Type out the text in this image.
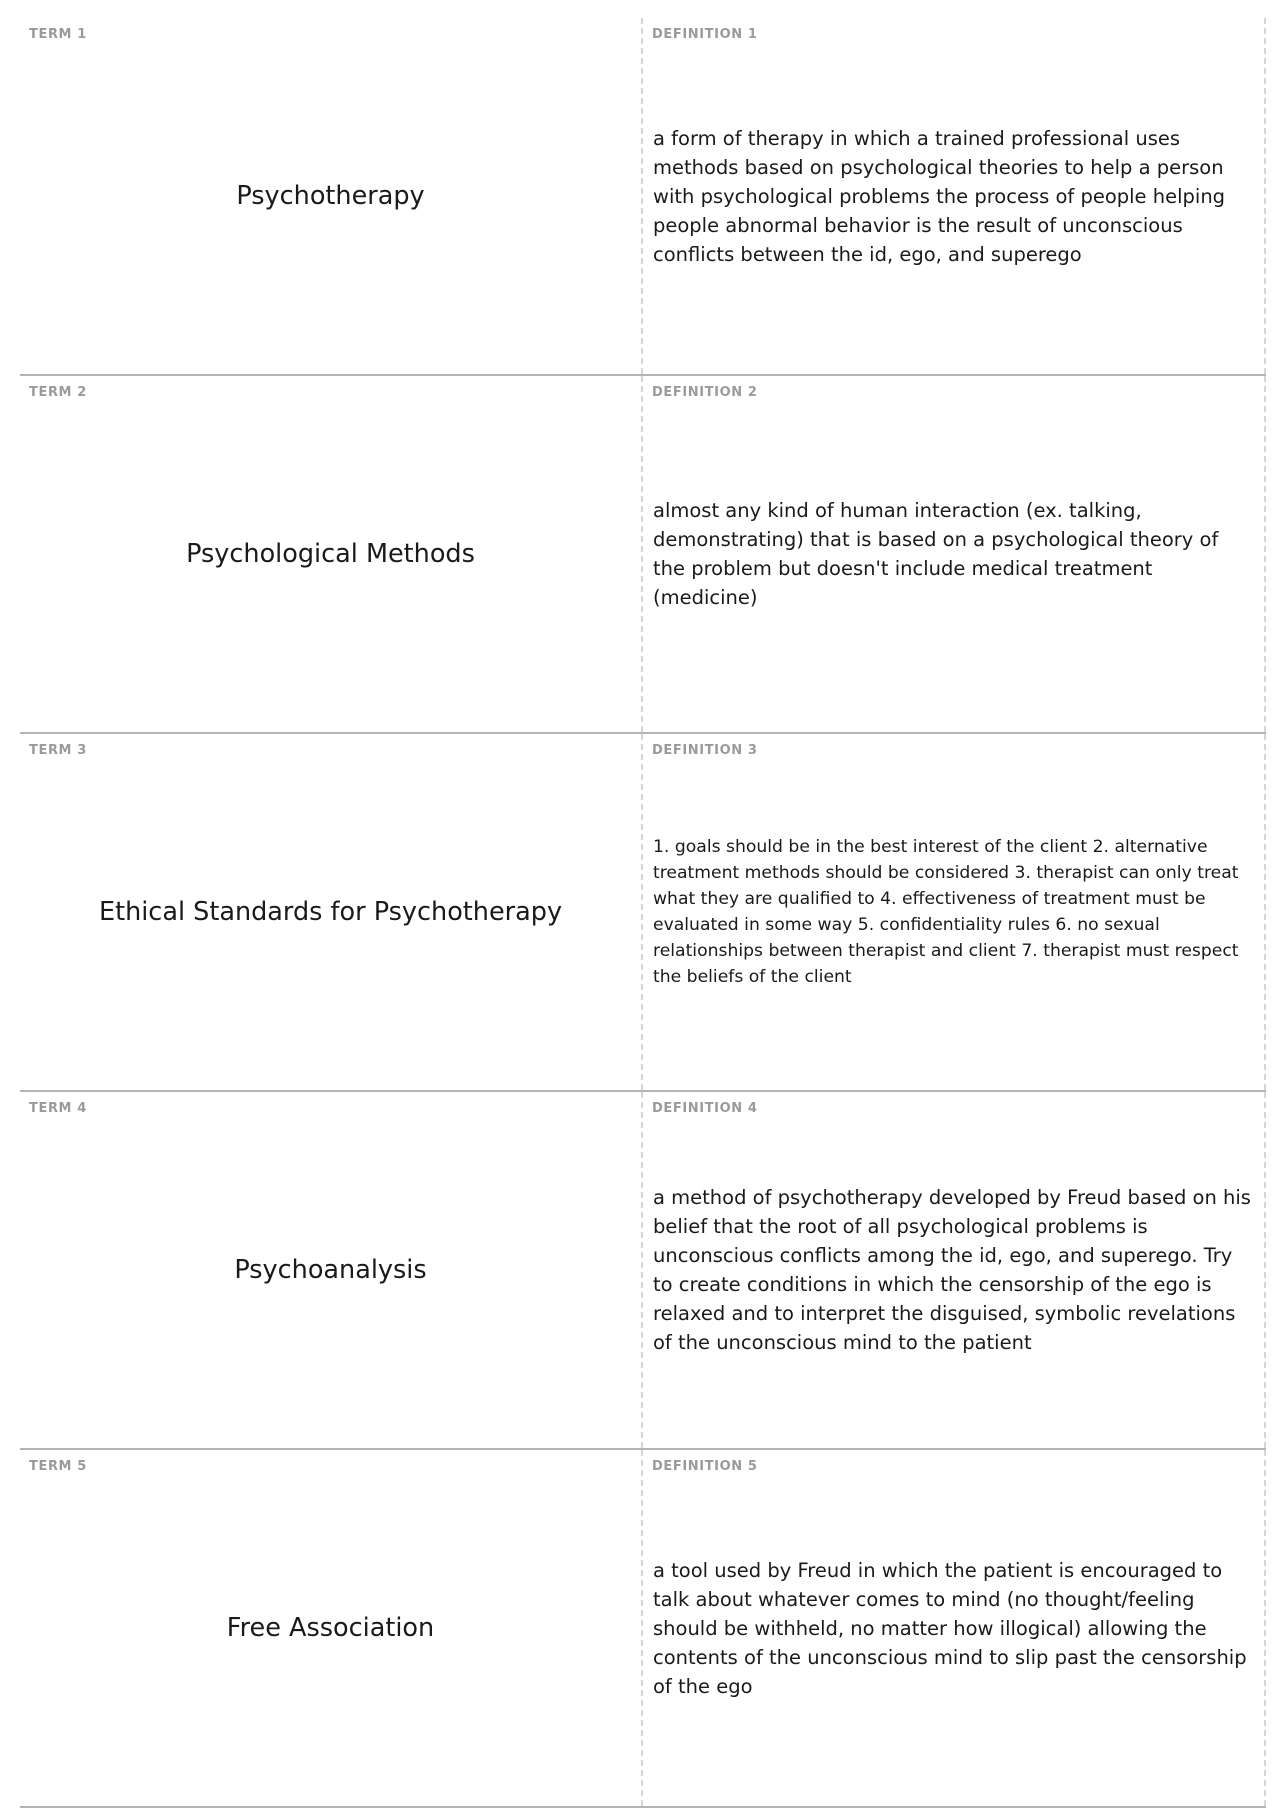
TERM 1
Psychotherapy
DEFINITION 1
a form of therapy in which a trained professional uses methods based on psychological theories to help a person with psychological problems the process of people helping people abnormal behavior is the result of unconscious conflicts between the id, ego, and superego
TERM 2
Psychological Methods
DEFINITION 2
almost any kind of human interaction (ex. talking, demonstrating) that is based on a psychological theory of the problem but doesn't include medical treatment (medicine)
TERM 3
Ethical Standards for Psychotherapy
DEFINITION 3
1. goals should be in the best interest of the client 2. alternative treatment methods should be considered 3. therapist can only treat what they are qualified to 4. effectiveness of treatment must be evaluated in some way 5. confidentiality rules 6. no sexual relationships between therapist and client 7. therapist must respect the beliefs of the client
TERM 4
Psychoanalysis
DEFINITION 4
a method of psychotherapy developed by Freud based on his belief that the root of all psychological problems is unconscious conflicts among the id, ego, and superego. Try to create conditions in which the censorship of the ego is relaxed and to interpret the disguised, symbolic revelations of the unconscious mind to the patient
TERM 5
Free Association
DEFINITION 5
a tool used by Freud in which the patient is encouraged to talk about whatever comes to mind (no thought/feeling should be withheld, no matter how illogical) allowing the contents of the unconscious mind to slip past the censorship of the ego
